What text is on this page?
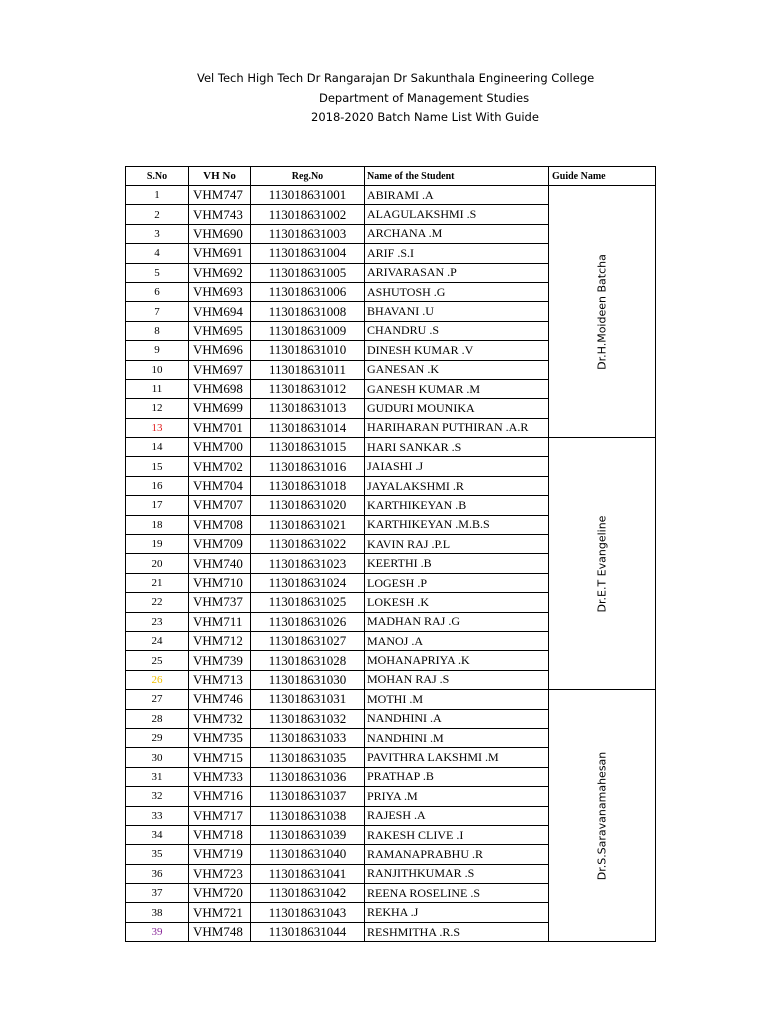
Vel Tech High Tech Dr Rangarajan Dr Sakunthala Engineering College
Department of Management Studies
2018-2020 Batch Name List With Guide
S.No	VH No	Reg.No	Name of the Student	Guide Name
1	VHM747	113018631001	ABIRAMI .A	Dr.H.Moideen Batcha

2	VHM743	113018631002	ALAGULAKSHMI .S	
3	VHM690	113018631003	ARCHANA .M	
4	VHM691	113018631004	ARIF .S.I	
5	VHM692	113018631005	ARIVARASAN .P	
6	VHM693	113018631006	ASHUTOSH .G	
7	VHM694	113018631008	BHAVANI .U	
8	VHM695	113018631009	CHANDRU .S	
9	VHM696	113018631010	DINESH KUMAR .V	
10	VHM697	113018631011	GANESAN .K	
11	VHM698	113018631012	GANESH KUMAR .M	
12	VHM699	113018631013	GUDURI MOUNIKA	
13	VHM701	113018631014	HARIHARAN PUTHIRAN .A.R	
14	VHM700	113018631015	HARI SANKAR .S	Dr.E.T Evangeline

15	VHM702	113018631016	JAIASHI .J	
16	VHM704	113018631018	JAYALAKSHMI .R	
17	VHM707	113018631020	KARTHIKEYAN .B	
18	VHM708	113018631021	KARTHIKEYAN .M.B.S	
19	VHM709	113018631022	KAVIN RAJ .P.L	
20	VHM740	113018631023	KEERTHI .B	
21	VHM710	113018631024	LOGESH .P	
22	VHM737	113018631025	LOKESH .K	
23	VHM711	113018631026	MADHAN RAJ .G	
24	VHM712	113018631027	MANOJ .A	
25	VHM739	113018631028	MOHANAPRIYA .K	
26	VHM713	113018631030	MOHAN RAJ .S	
27	VHM746	113018631031	MOTHI .M	Dr.S.Saravanamahesan

28	VHM732	113018631032	NANDHINI .A	
29	VHM735	113018631033	NANDHINI .M	
30	VHM715	113018631035	PAVITHRA LAKSHMI .M	
31	VHM733	113018631036	PRATHAP .B	
32	VHM716	113018631037	PRIYA .M	
33	VHM717	113018631038	RAJESH .A	
34	VHM718	113018631039	RAKESH CLIVE .I	
35	VHM719	113018631040	RAMANAPRABHU .R	
36	VHM723	113018631041	RANJITHKUMAR .S	
37	VHM720	113018631042	REENA ROSELINE .S	
38	VHM721	113018631043	REKHA .J	
39	VHM748	113018631044	RESHMITHA .R.S	
